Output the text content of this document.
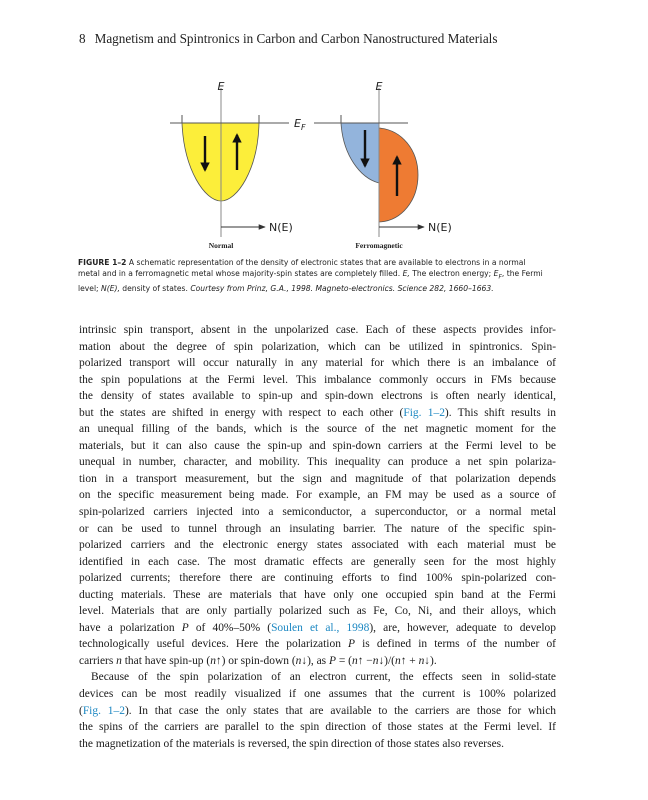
8 Magnetism and Spintronics in Carbon and Carbon Nanostructured Materials
E
$E_F$
N(E)
Normal
E
N(E)
Ferromagnetic
FIGURE 1–2 A schematic representation of the density of electronic states that are available to electrons in a normal metal and in a ferromagnetic metal whose majority-spin states are completely filled. E, The electron energy; $E_F$, the Fermi level; N(E), density of states. Courtesy from Prinz, G.A., 1998. Magneto-electronics. Science 282, 1660–1663.
intrinsic spin transport, absent in the unpolarized case. Each of these aspects provides infor-
mation about the degree of spin polarization, which can be utilized in spintronics. Spin-
polarized transport will occur naturally in any material for which there is an imbalance of
the spin populations at the Fermi level. This imbalance commonly occurs in FMs because
the density of states available to spin-up and spin-down electrons is often nearly identical,
but the states are shifted in energy with respect to each other (Fig. 1–2). This shift results in
an unequal filling of the bands, which is the source of the net magnetic moment for the
materials, but it can also cause the spin-up and spin-down carriers at the Fermi level to be
unequal in number, character, and mobility. This inequality can produce a net spin polariza-
tion in a transport measurement, but the sign and magnitude of that polarization depends
on the specific measurement being made. For example, an FM may be used as a source of
spin-polarized carriers injected into a semiconductor, a superconductor, or a normal metal
or can be used to tunnel through an insulating barrier. The nature of the specific spin-
polarized carriers and the electronic energy states associated with each material must be
identified in each case. The most dramatic effects are generally seen for the most highly
polarized currents; therefore there are continuing efforts to find 100% spin-polarized con-
ducting materials. These are materials that have only one occupied spin band at the Fermi
level. Materials that are only partially polarized such as Fe, Co, Ni, and their alloys, which
have a polarization P of 40%–50% (Soulen et al., 1998), are, however, adequate to develop
technologically useful devices. Here the polarization P is defined in terms of the number of
carriers n that have spin-up (n↑) or spin-down (n↓), as P = (n↑ −n↓)/(n↑ + n↓).
Because of the spin polarization of an electron current, the effects seen in solid-state
devices can be most readily visualized if one assumes that the current is 100% polarized
(Fig. 1–2). In that case the only states that are available to the carriers are those for which
the spins of the carriers are parallel to the spin direction of those states at the Fermi level. If
the magnetization of the materials is reversed, the spin direction of those states also reverses.
